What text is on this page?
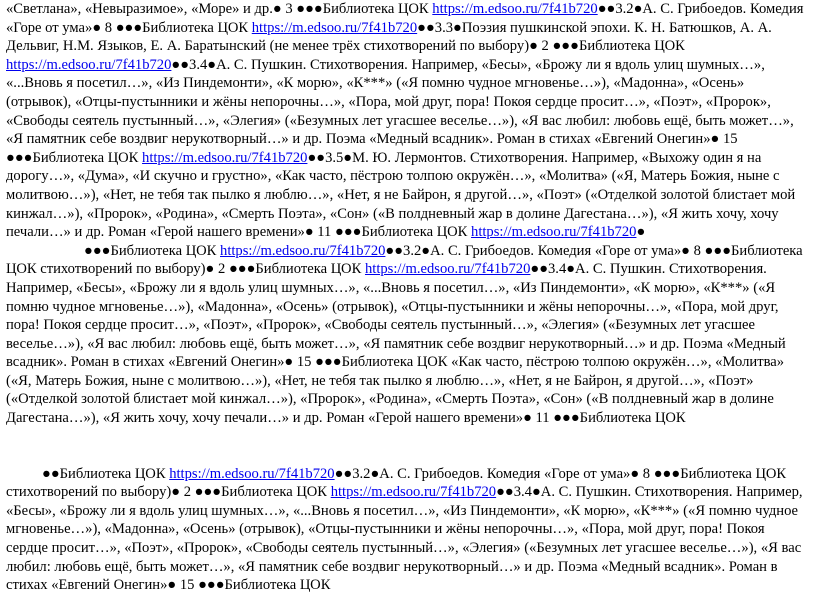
«Светлана», «Невыразимое», «Море» и др.● 3 ●●●Библиотека ЦОК https://m.edsoo.ru/7f41b720●●3.2●А. С. Грибоедов. Комедия «Горе от ума»● 8 ●●●Библиотека ЦОК https://m.edsoo.ru/7f41b720●●3.3●Поэзия пушкинской эпохи. К. Н. Батюшков, А. А. Дельвиг, Н.М. Языков, Е. А. Баратынский (не менее трёх стихотворений по выбору)● 2 ●●●Библиотека ЦОК https://m.edsoo.ru/7f41b720●●3.4●А. С. Пушкин. Стихотворения. Например, «Бесы», «Брожу ли я вдоль улиц шумных…», «...Вновь я посетил…», «Из Пиндемонти», «К морю», «К***» («Я помню чудное мгновенье…»), «Мадонна», «Осень» (отрывок), «Отцы-пустынники и жёны непорочны…», «Пора, мой друг, пора! Покоя сердце просит…», «Поэт», «Пророк», «Свободы сеятель пустынный…», «Элегия» («Безумных лет угасшее веселье…»), «Я вас любил: любовь ещё, быть может…», «Я памятник себе воздвиг нерукотворный…» и др. Поэма «Медный всадник». Роман в стихах «Евгений Онегин»● 15 ●●●Библиотека ЦОК https://m.edsoo.ru/7f41b720●●3.5●М. Ю. Лермонтов. Стихотворения. Например, «Выхожу один я на дорогу…», «Дума», «И скучно и грустно», «Как часто, пёстрою толпою окружён…», «Молитва» («Я, Матерь Божия, ныне с молитвою…»), «Нет, не тебя так пылко я люблю…», «Нет, я не Байрон, я другой…», «Поэт» («Отделкой золотой блистает мой кинжал…»), «Пророк», «Родина», «Смерть Поэта», «Сон» («В полдневный жар в долине Дагестана…»), «Я жить хочу, хочу печали…» и др. Роман «Герой нашего времени»● 11 ●●●Библиотека ЦОК https://m.edsoo.ru/7f41b720●

●●●Библиотека ЦОК https://m.edsoo.ru/7f41b720●●3.2●А. С. Грибоедов. Комедия «Горе от ума»● 8 ●●●Библиотека ЦОК стихотворений по выбору)● 2 ●●●Библиотека ЦОК https://m.edsoo.ru/7f41b720●●3.4●А. С. Пушкин. Стихотворения. Например, «Бесы», «Брожу ли я вдоль улиц шумных…», «...Вновь я посетил…», «Из Пиндемонти», «К морю», «К***» («Я помню чудное мгновенье…»), «Мадонна», «Осень» (отрывок), «Отцы-пустынники и жёны непорочны…», «Пора, мой друг, пора! Покоя сердце просит…», «Поэт», «Пророк», «Свободы сеятель пустынный…», «Элегия» («Безумных лет угасшее веселье…»), «Я вас любил: любовь ещё, быть может…», «Я памятник себе воздвиг нерукотворный…» и др. Поэма «Медный всадник». Роман в стихах «Евгений Онегин»● 15 ●●●Библиотека ЦОК «Как часто, пёстрою толпою окружён…», «Молитва» («Я, Матерь Божия, ныне с молитвою…»), «Нет, не тебя так пылко я люблю…», «Нет, я не Байрон, я другой…», «Поэт» («Отделкой золотой блистает мой кинжал…»), «Пророк», «Родина», «Смерть Поэта», «Сон» («В полдневный жар в долине Дагестана…»), «Я жить хочу, хочу печали…» и др. Роман «Герой нашего времени»● 11 ●●●Библиотека ЦОК

●●Библиотека ЦОК https://m.edsoo.ru/7f41b720●●3.2●А. С. Грибоедов. Комедия «Горе от ума»● 8 ●●●Библиотека ЦОК стихотворений по выбору)● 2 ●●●Библиотека ЦОК https://m.edsoo.ru/7f41b720●●3.4●А. С. Пушкин. Стихотворения. Например, «Бесы», «Брожу ли я вдоль улиц шумных…», «...Вновь я посетил…», «Из Пиндемонти», «К морю», «К***» («Я помню чудное мгновенье…»), «Мадонна», «Осень» (отрывок), «Отцы-пустынники и жёны непорочны…», «Пора, мой друг, пора! Покоя сердце просит…», «Поэт», «Пророк», «Свободы сеятель пустынный…», «Элегия» («Безумных лет угасшее веселье…»), «Я вас любил: любовь ещё, быть может…», «Я памятник себе воздвиг нерукотворный…» и др. Поэма «Медный всадник». Роман в стихах «Евгений Онегин»● 15 ●●●Библиотека ЦОК
